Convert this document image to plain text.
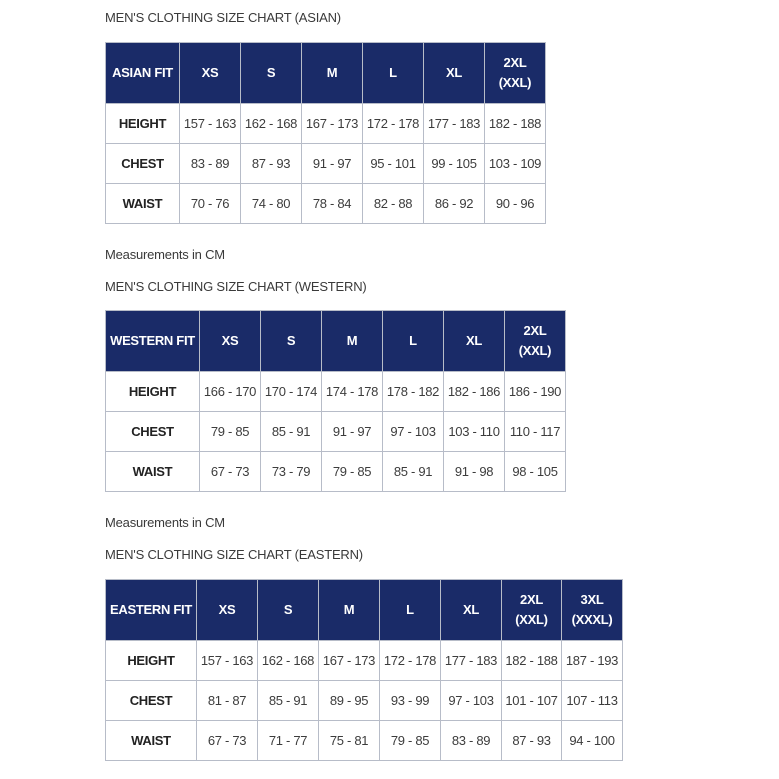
MEN'S CLOTHING SIZE CHART (ASIAN)
ASIAN FIT	XS	S	M	L	XL	2XL
(XXL)

HEIGHT	157 - 163	162 - 168	167 - 173	172 - 178	177 - 183	182 - 188
CHEST	83 - 89	87 - 93	91 - 97	95 - 101	99 - 105	103 - 109
WAIST	70 - 76	74 - 80	78 - 84	82 - 88	86 - 92	90 - 96
Measurements in CM
MEN'S CLOTHING SIZE CHART (WESTERN)
WESTERN FIT	XS	S	M	L	XL	2XL
(XXL)

HEIGHT	166 - 170	170 - 174	174 - 178	178 - 182	182 - 186	186 - 190
CHEST	79 - 85	85 - 91	91 - 97	97 - 103	103 - 110	110 - 117
WAIST	67 - 73	73 - 79	79 - 85	85 - 91	91 - 98	98 - 105
Measurements in CM
MEN'S CLOTHING SIZE CHART (EASTERN)
EASTERN FIT	XS	S	M	L	XL	2XL
(XXL)	3XL
(XXXL)

HEIGHT	157 - 163	162 - 168	167 - 173	172 - 178	177 - 183	182 - 188	187 - 193
CHEST	81 - 87	85 - 91	89 - 95	93 - 99	97 - 103	101 - 107	107 - 113
WAIST	67 - 73	71 - 77	75 - 81	79 - 85	83 - 89	87 - 93	94 - 100
